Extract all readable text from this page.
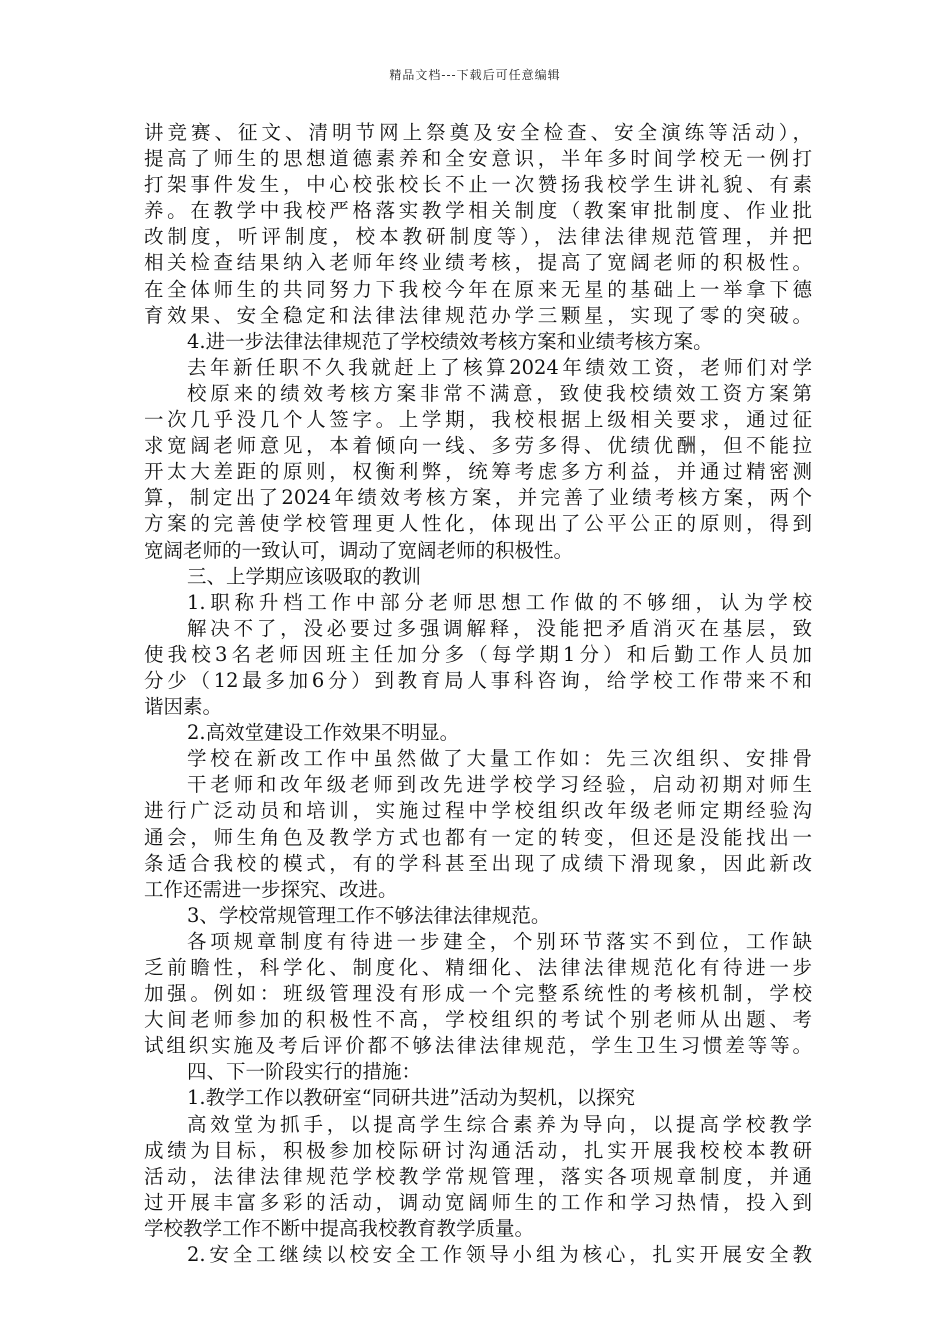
精品文档---下载后可任意编辑
讲竞赛、征文、清明节网上祭奠及安全检查、安全演练等活动），
提高了师生的思想道德素养和全安意识，半年多时间学校无一例打
打架事件发生，中心校张校长不止一次赞扬我校学生讲礼貌、有素
养。在教学中我校严格落实教学相关制度（教案审批制度、作业批
改制度，听评制度，校本教研制度等），法律法律规范管理，并把
相关检查结果纳入老师年终业绩考核，提高了宽阔老师的积极性。
在全体师生的共同努力下我校今年在原来无星的基础上一举拿下德
育效果、安全稳定和法律法律规范办学三颗星，实现了零的突破。
4.进一步法律法律规范了学校绩效考核方案和业绩考核方案。
去年新任职不久我就赶上了核算2024年绩效工资，老师们对学
校原来的绩效考核方案非常不满意，致使我校绩效工资方案第
一次几乎没几个人签字。上学期，我校根据上级相关要求，通过征
求宽阔老师意见，本着倾向一线、多劳多得、优绩优酬，但不能拉
开太大差距的原则，权衡利弊，统筹考虑多方利益，并通过精密测
算，制定出了2024年绩效考核方案，并完善了业绩考核方案，两个
方案的完善使学校管理更人性化，体现出了公平公正的原则，得到
宽阔老师的一致认可，调动了宽阔老师的积极性。
三、上学期应该吸取的教训
1.职称升档工作中部分老师思想工作做的不够细，认为学校
解决不了，没必要过多强调解释，没能把矛盾消灭在基层，致
使我校3名老师因班主任加分多（每学期1分）和后勤工作人员加
分少（12最多加6分）到教育局人事科咨询，给学校工作带来不和
谐因素。
2.高效堂建设工作效果不明显。
学校在新改工作中虽然做了大量工作如：先三次组织、安排骨
干老师和改年级老师到改先进学校学习经验，启动初期对师生
进行广泛动员和培训，实施过程中学校组织改年级老师定期经验沟
通会，师生角色及教学方式也都有一定的转变，但还是没能找出一
条适合我校的模式，有的学科甚至出现了成绩下滑现象，因此新改
工作还需进一步探究、改进。
3、学校常规管理工作不够法律法律规范。
各项规章制度有待进一步建全，个别环节落实不到位，工作缺
乏前瞻性，科学化、制度化、精细化、法律法律规范化有待进一步
加强。例如：班级管理没有形成一个完整系统性的考核机制，学校
大间老师参加的积极性不高，学校组织的考试个别老师从出题、考
试组织实施及考后评价都不够法律法律规范，学生卫生习惯差等等。
四、下一阶段实行的措施：
1.教学工作以教研室“同研共进”活动为契机，以探究
高效堂为抓手，以提高学生综合素养为导向，以提高学校教学
成绩为目标，积极参加校际研讨沟通活动，扎实开展我校校本教研
活动，法律法律规范学校教学常规管理，落实各项规章制度，并通
过开展丰富多彩的活动，调动宽阔师生的工作和学习热情，投入到
学校教学工作不断中提高我校教育教学质量。
2.安全工继续以校安全工作领导小组为核心，扎实开展安全教
